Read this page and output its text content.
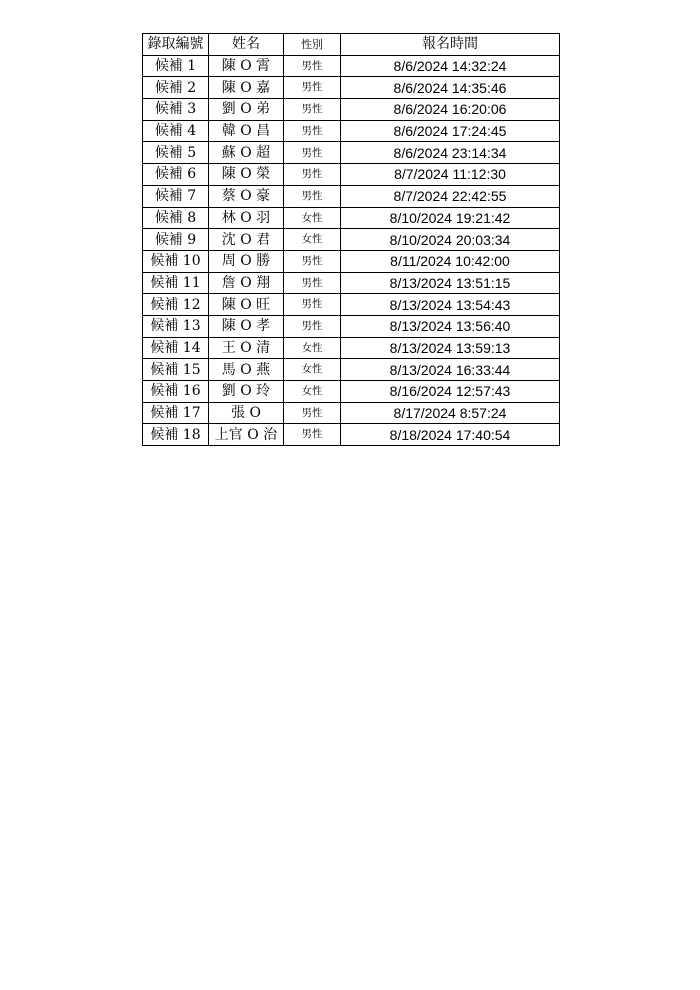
錄取編號	姓名	性別	報名時間
候補 1	陳 O 霄	男性	8/6/2024 14:32:24
候補 2	陳 O 嘉	男性	8/6/2024 14:35:46
候補 3	劉 O 弟	男性	8/6/2024 16:20:06
候補 4	韓 O 昌	男性	8/6/2024 17:24:45
候補 5	蘇 O 超	男性	8/6/2024 23:14:34
候補 6	陳 O 榮	男性	8/7/2024 11:12:30
候補 7	蔡 O 豪	男性	8/7/2024 22:42:55
候補 8	林 O 羽	女性	8/10/2024 19:21:42
候補 9	沈 O 君	女性	8/10/2024 20:03:34
候補 10	周 O 勝	男性	8/11/2024 10:42:00
候補 11	詹 O 翔	男性	8/13/2024 13:51:15
候補 12	陳 O 旺	男性	8/13/2024 13:54:43
候補 13	陳 O 孝	男性	8/13/2024 13:56:40
候補 14	王 O 清	女性	8/13/2024 13:59:13
候補 15	馬 O 燕	女性	8/13/2024 16:33:44
候補 16	劉 O 玲	女性	8/16/2024 12:57:43
候補 17	張 O	男性	8/17/2024 8:57:24
候補 18	上官 O 治	男性	8/18/2024 17:40:54
